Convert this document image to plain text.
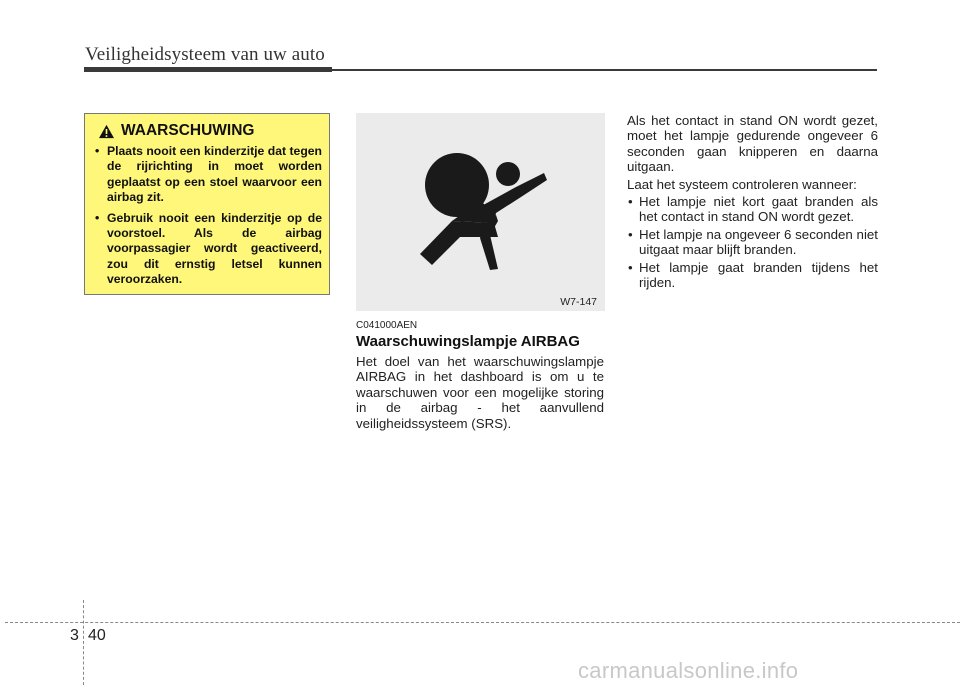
Veiligheidsysteem van uw auto
WAARSCHUWING
• Plaats nooit een kinderzitje dat tegen de rijrichting in moet worden geplaatst op een stoel waarvoor een airbag zit.
• Gebruik nooit een kinderzitje op de voorstoel. Als de airbag voorpassagier wordt geactiveerd, zou dit ernstig letsel kunnen veroorzaken.
W7-147
C041000AEN
Waarschuwingslampje AIRBAG
Het doel van het waarschuwingslampje AIRBAG in het dashboard is om u te waarschuwen voor een mogelijke storing in de airbag - het aanvullend veiligheidssysteem (SRS).

Als het contact in stand ON wordt gezet, moet het lampje gedurende ongeveer 6 seconden gaan knipperen en daarna uitgaan.

Laat het systeem controleren wanneer:

• Het lampje niet kort gaat branden als het contact in stand ON wordt gezet.
• Het lampje na ongeveer 6 seconden niet uitgaat maar blijft branden.
• Het lampje gaat branden tijdens het rijden.
3 40
carmanualsonline.info
